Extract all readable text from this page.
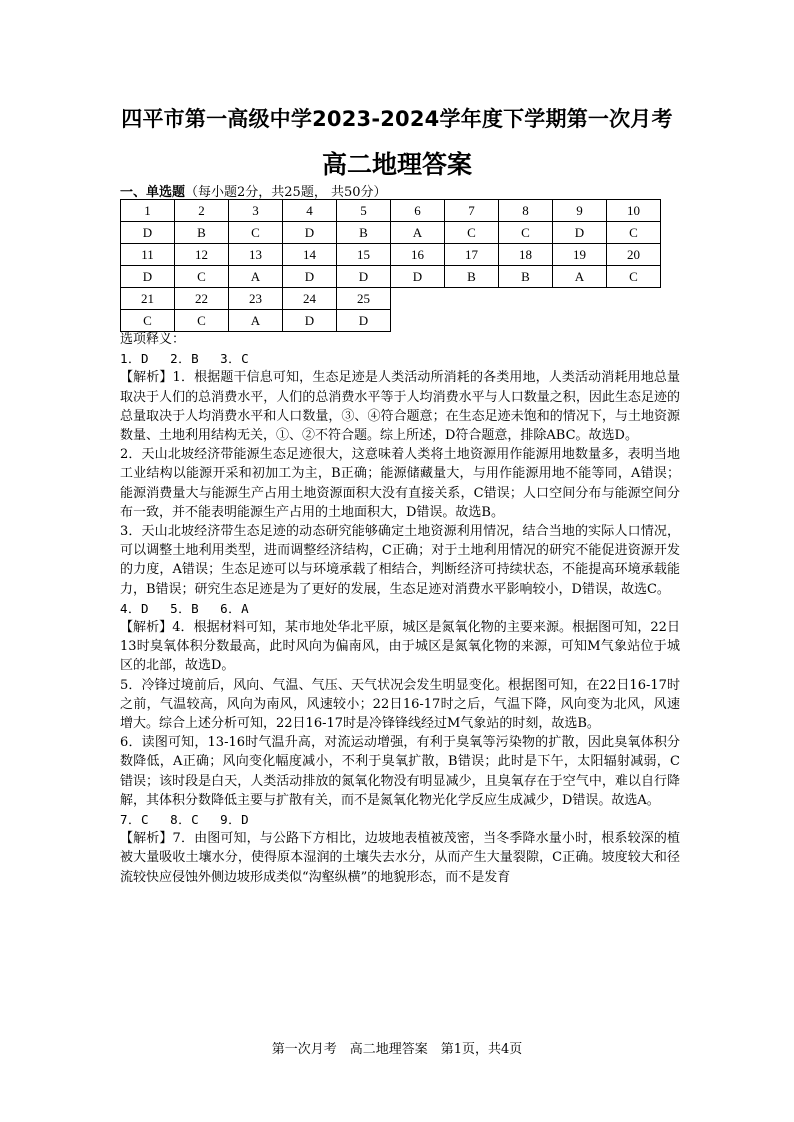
四平市第一高级中学2023-2024学年度下学期第一次月考
高二地理答案
一、单选题（每小题2分，共25题， 共50分）
1	2	3	4	5	6	7	8	9	10
D	B	C	D	B	A	C	C	D	C
11	12	13	14	15	16	17	18	19	20
D	C	A	D	D	D	B	B	A	C
21	22	23	24	25					
C	C	A	D	D					

选项释义：

1．D　 2．B　 3．C

【解析】1．根据题干信息可知，生态足迹是人类活动所消耗的各类用地，人类活动消耗用地总量取决于人们的总消费水平，人们的总消费水平等于人均消费水平与人口数量之积，因此生态足迹的总量取决于人均消费水平和人口数量，③、④符合题意；在生态足迹未饱和的情况下，与土地资源数量、土地利用结构无关，①、②不符合题。综上所述，D符合题意，排除ABC。故选D。

2．天山北坡经济带能源生态足迹很大，这意味着人类将土地资源用作能源用地数量多，表明当地工业结构以能源开采和初加工为主，B正确；能源储藏量大，与用作能源用地不能等同，A错误；能源消费量大与能源生产占用土地资源面积大没有直接关系，C错误；人口空间分布与能源空间分布一致，并不能表明能源生产占用的土地面积大，D错误。故选B。

3．天山北坡经济带生态足迹的动态研究能够确定土地资源利用情况，结合当地的实际人口情况，可以调整土地利用类型，进而调整经济结构，C正确；对于土地利用情况的研究不能促进资源开发的力度，A错误；生态足迹可以与环境承载了相结合，判断经济可持续状态，不能提高环境承载能力，B错误；研究生态足迹是为了更好的发展，生态足迹对消费水平影响较小，D错误，故选C。

4．D　 5．B　 6．A

【解析】4．根据材料可知，某市地处华北平原，城区是氮氧化物的主要来源。根据图可知，22日13时臭氧体积分数最高，此时风向为偏南风，由于城区是氮氧化物的来源，可知M气象站位于城区的北部，故选D。

5．冷锋过境前后，风向、气温、气压、天气状况会发生明显变化。根据图可知，在22日16-17时之前，气温较高，风向为南风，风速较小；22日16-17时之后，气温下降，风向变为北风，风速增大。综合上述分析可知，22日16-17时是冷锋锋线经过M气象站的时刻，故选B。

6．读图可知，13-16时气温升高，对流运动增强，有利于臭氧等污染物的扩散，因此臭氧体积分数降低，A正确；风向变化幅度减小，不利于臭氧扩散，B错误；此时是下午，太阳辐射减弱，C错误；该时段是白天，人类活动排放的氮氧化物没有明显减少，且臭氧存在于空气中，难以自行降解，其体积分数降低主要与扩散有关，而不是氮氧化物光化学反应生成减少，D错误。故选A。

7．C　 8．C　 9．D

【解析】7．由图可知，与公路下方相比，边坡地表植被茂密，当冬季降水量小时，根系较深的植被大量吸收土壤水分，使得原本湿润的土壤失去水分，从而产生大量裂隙，C正确。坡度较大和径流较快应侵蚀外侧边坡形成类似“沟壑纵横”的地貌形态，而不是发育

第一次月考　高二地理答案　第1页，共4页
